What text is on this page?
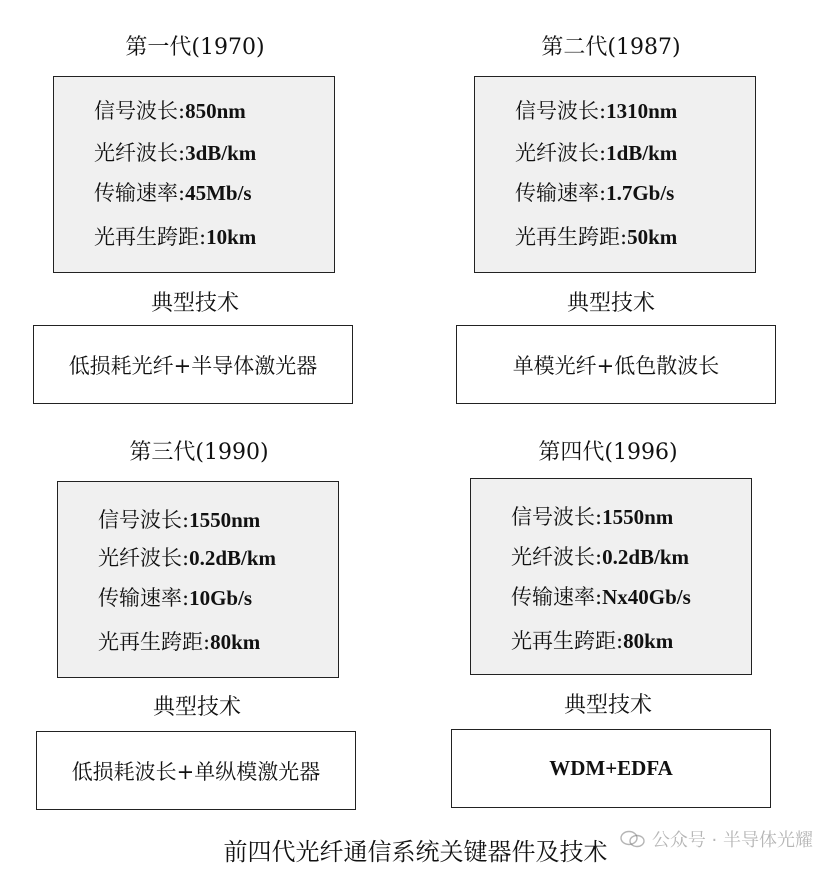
第一代(1970)
信号波长:850nm
光纤波长:3dB/km
传输速率:45Mb/s
光再生跨距:10km
典型技术
低损耗光纤+半导体激光器
第二代(1987)
信号波长:1310nm
光纤波长:1dB/km
传输速率:1.7Gb/s
光再生跨距:50km
典型技术
单模光纤+低色散波长
第三代(1990)
信号波长:1550nm
光纤波长:0.2dB/km
传输速率:10Gb/s
光再生跨距:80km
典型技术
低损耗波长+单纵模激光器
第四代(1996)
信号波长:1550nm
光纤波长:0.2dB/km
传输速率:Nx40Gb/s
光再生跨距:80km
典型技术
WDM+EDFA
前四代光纤通信系统关键器件及技术	公众号 · 半导体光耀
